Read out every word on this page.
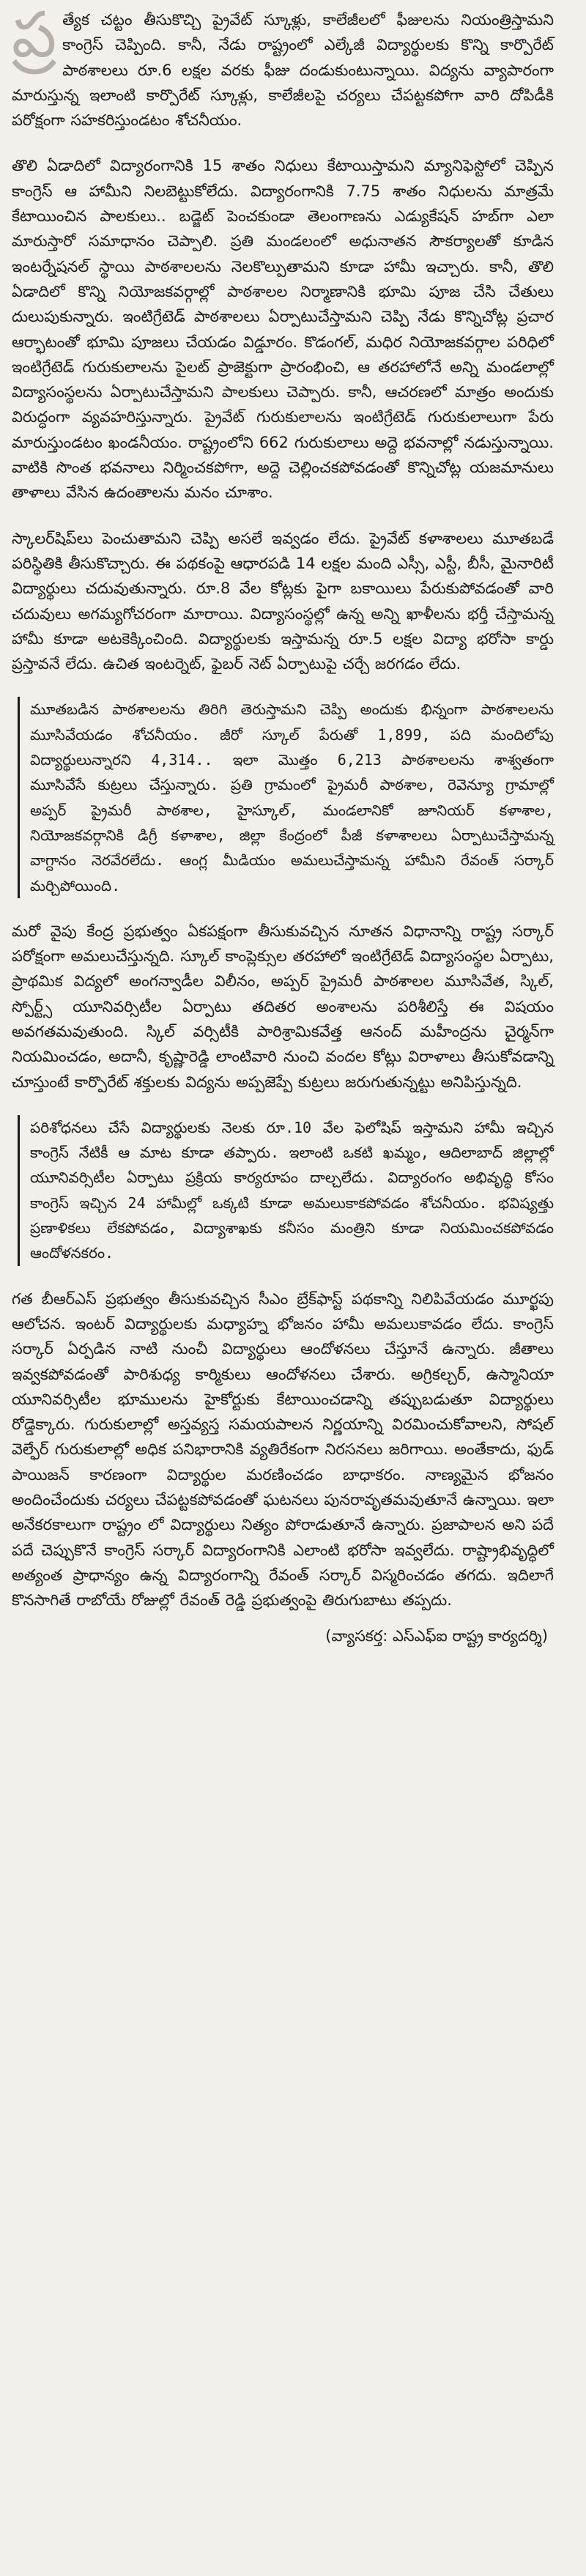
ప్ర త్యేక చట్టం తీసుకొచ్చి ప్రైవేట్ స్కూళ్లు, కాలేజీలలో ఫీజులను నియంత్రిస్తామని కాంగ్రెస్ చెప్పింది. కానీ, నేడు రాష్ట్రంలో ఎల్కేజీ విద్యార్థులకు కొన్ని కార్పొరేట్ పాఠశాలలు రూ.6 లక్షల వరకు ఫీజు దండుకుంటున్నాయి. విద్యను వ్యాపారంగా మారుస్తున్న ఇలాంటి కార్పొరేట్ స్కూళ్లు, కాలేజీలపై చర్యలు చేపట్టకపోగా వారి దోపిడీకి పరోక్షంగా సహకరిస్తుండటం శోచనీయం.

తొలి ఏడాదిలో విద్యారంగానికి 15 శాతం నిధులు కేటాయిస్తామని మ్యానిఫెస్టోలో చెప్పిన కాంగ్రెస్ ఆ హామీని నిలబెట్టుకోలేదు. విద్యారంగానికి 7.75 శాతం నిధులను మాత్రమే కేటాయించిన పాలకులు.. బడ్జెట్ పెంచకుండా తెలంగాణను ఎడ్యుకేషన్ హబ్‌గా ఎలా మారుస్తారో సమాధానం చెప్పాలి. ప్రతి మండలంలో అధునాతన సౌకర్యాలతో కూడిన ఇంటర్నేషనల్ స్థాయి పాఠశాలలను నెలకొల్పుతామని కూడా హామీ ఇచ్చారు. కానీ, తొలి ఏడాదిలో కొన్ని నియోజకవర్గాల్లో పాఠశాలల నిర్మాణానికి భూమి పూజ చేసి చేతులు దులుపుకున్నారు. ఇంటిగ్రేటెడ్ పాఠశాలలు ఏర్పాటుచేస్తామని చెప్పి నేడు కొన్నిచోట్ల ప్రచార ఆర్భాటంతో భూమి పూజలు చేయడం విడ్డూరం. కొడంగల్, మధిర నియోజకవర్గాల పరిధిలో ఇంటిగ్రేటెడ్ గురుకులాలను పైలట్ ప్రాజెక్టుగా ప్రారంభించి, ఆ తరహాలోనే అన్ని మండలాల్లో విద్యాసంస్థలను ఏర్పాటుచేస్తామని పాలకులు చెప్పారు. కానీ, ఆచరణలో మాత్రం అందుకు విరుద్ధంగా వ్యవహరిస్తున్నారు. ప్రైవేట్ గురుకులాలను ఇంటిగ్రేటెడ్ గురుకులాలుగా పేరు మారుస్తుండటం ఖండనీయం. రాష్ట్రంలోని 662 గురుకులాలు అద్దె భవనాల్లో నడుస్తున్నాయి. వాటికి సొంత భవనాలు నిర్మించకపోగా, అద్దె చెల్లించకపోవడంతో కొన్నిచోట్ల యజమానులు తాళాలు వేసిన ఉదంతాలను మనం చూశాం.

స్కాలర్‌షిప్‌లు పెంచుతామని చెప్పి అసలే ఇవ్వడం లేదు. ప్రైవేట్ కళాశాలలు మూతబడే పరిస్థితికి తీసుకొచ్చారు. ఈ పథకంపై ఆధారపడి 14 లక్షల మంది ఎస్సీ, ఎస్టీ, బీసీ, మైనారిటీ విద్యార్థులు చదువుతున్నారు. రూ.8 వేల కోట్లకు పైగా బకాయిలు పేరుకుపోవడంతో వారి చదువులు అగమ్యగోచరంగా మారాయి. విద్యాసంస్థల్లో ఉన్న అన్ని ఖాళీలను భర్తీ చేస్తామన్న హామీ కూడా అటకెక్కించింది. విద్యార్థులకు ఇస్తామన్న రూ.5 లక్షల విద్యా భరోసా కార్డు ప్రస్తావనే లేదు. ఉచిత ఇంటర్నెట్, ఫైబర్ నెట్ ఏర్పాటుపై చర్చే జరగడం లేదు.

మూతబడిన పాఠశాలలను తిరిగి తెరుస్తామని చెప్పి అందుకు భిన్నంగా పాఠశాలలను మూసివేయడం శోచనీయం. జీరో స్కూల్ పేరుతో 1,899, పది మందిలోపు విద్యార్థులున్నారని 4,314.. ఇలా మొత్తం 6,213 పాఠశాలలను శాశ్వతంగా మూసివేసే కుట్రలు చేస్తున్నారు. ప్రతి గ్రామంలో ప్రైమరీ పాఠశాల, రెవెన్యూ గ్రామాల్లో అప్పర్ ప్రైమరీ పాఠశాల, హైస్కూల్, మండలానికో జూనియర్ కళాశాల, నియోజకవర్గానికి డిగ్రీ కళాశాల, జిల్లా కేంద్రంలో పీజీ కళాశాలలు ఏర్పాటుచేస్తామన్న వాగ్దానం నెరవేరలేదు. ఆంగ్ల మీడియం అమలుచేస్తామన్న హామీని రేవంత్ సర్కార్ మర్చిపోయింది.

మరో వైపు కేంద్ర ప్రభుత్వం ఏకపక్షంగా తీసుకువచ్చిన నూతన విధానాన్ని రాష్ట్ర సర్కార్ పరోక్షంగా అమలుచేస్తున్నది. స్కూల్ కాంప్లెక్సుల తరహాలో ఇంటిగ్రేటెడ్ విద్యాసంస్థల ఏర్పాటు, ప్రాథమిక విద్యలో అంగన్వాడీల విలీనం, అప్పర్ ప్రైమరీ పాఠశాలల మూసివేత, స్కిల్, స్పోర్ట్స్ యూనివర్సిటీల ఏర్పాటు తదితర అంశాలను పరిశీలిస్తే ఈ విషయం అవగతమవుతుంది. స్కిల్ వర్సిటీకి పారిశ్రామికవేత్త ఆనంద్ మహీంద్రను చైర్మన్‌గా నియమించడం, అదానీ, కృష్ణారెడ్డి లాంటివారి నుంచి వందల కోట్లు విరాళాలు తీసుకోవడాన్ని చూస్తుంటే కార్పొరేట్ శక్తులకు విద్యను అప్పజెప్పే కుట్రలు జరుగుతున్నట్టు అనిపిస్తున్నది.

పరిశోధనలు చేసే విద్యార్థులకు నెలకు రూ.10 వేల ఫెలోషిప్ ఇస్తామని హామీ ఇచ్చిన కాంగ్రెస్ నేటికీ ఆ మాట కూడా తప్పారు. ఇలాంటి ఒకటి ఖమ్మం, ఆదిలాబాద్ జిల్లాల్లో యూనివర్సిటీల ఏర్పాటు ప్రక్రియ కార్యరూపం దాల్చలేదు. విద్యారంగం అభివృద్ధి కోసం కాంగ్రెస్ ఇచ్చిన 24 హామీల్లో ఒక్కటి కూడా అమలుకాకపోవడం శోచనీయం. భవిష్యత్తు ప్రణాళికలు లేకపోవడం, విద్యాశాఖకు కనీసం మంత్రిని కూడా నియమించకపోవడం ఆందోళనకరం.

గత బీఆర్ఎస్ ప్రభుత్వం తీసుకువచ్చిన సీఎం బ్రేక్‌ఫాస్ట్ పథకాన్ని నిలిపివేయడం మూర్ఖపు ఆలోచన. ఇంటర్ విద్యార్థులకు మధ్యాహ్న భోజనం హామీ అమలుకావడం లేదు. కాంగ్రెస్ సర్కార్ ఏర్పడిన నాటి నుంచీ విద్యార్థులు ఆందోళనలు చేస్తూనే ఉన్నారు. జీతాలు ఇవ్వకపోవడంతో పారిశుధ్య కార్మికులు ఆందోళనలు చేశారు. అగ్రికల్చర్, ఉస్మానియా యూనివర్సిటీల భూములను హైకోర్టుకు కేటాయించడాన్ని తప్పుబడుతూ విద్యార్థులు రోడ్డెక్కారు. గురుకులాల్లో అస్తవ్యస్త సమయపాలన నిర్ణయాన్ని విరమించుకోవాలని, సోషల్ వెల్ఫేర్ గురుకులాల్లో అధిక పనిభారానికి వ్యతిరేకంగా నిరసనలు జరిగాయి. అంతేకాదు, ఫుడ్ పాయిజన్ కారణంగా విద్యార్థుల మరణించడం బాధాకరం. నాణ్యమైన భోజనం అందించేందుకు చర్యలు చేపట్టకపోవడంతో ఘటనలు పునరావృతమవుతూనే ఉన్నాయి. ఇలా అనేకరకాలుగా రాష్ట్రం లో విద్యార్థులు నిత్యం పోరాడుతూనే ఉన్నారు. ప్రజాపాలన అని పదే పదే చెప్పుకొనే కాంగ్రెస్ సర్కార్ విద్యారంగానికి ఎలాంటి భరోసా ఇవ్వలేదు. రాష్ట్రాభివృద్ధిలో అత్యంత ప్రాధాన్యం ఉన్న విద్యారంగాన్ని రేవంత్ సర్కార్ విస్మరించడం తగదు. ఇదిలాగే కొనసాగితే రాబోయే రోజుల్లో రేవంత్ రెడ్డి ప్రభుత్వంపై తిరుగుబాటు తప్పదు.

(వ్యాసకర్త: ఎస్ఎఫ్ఐ రాష్ట్ర కార్యదర్శి)
